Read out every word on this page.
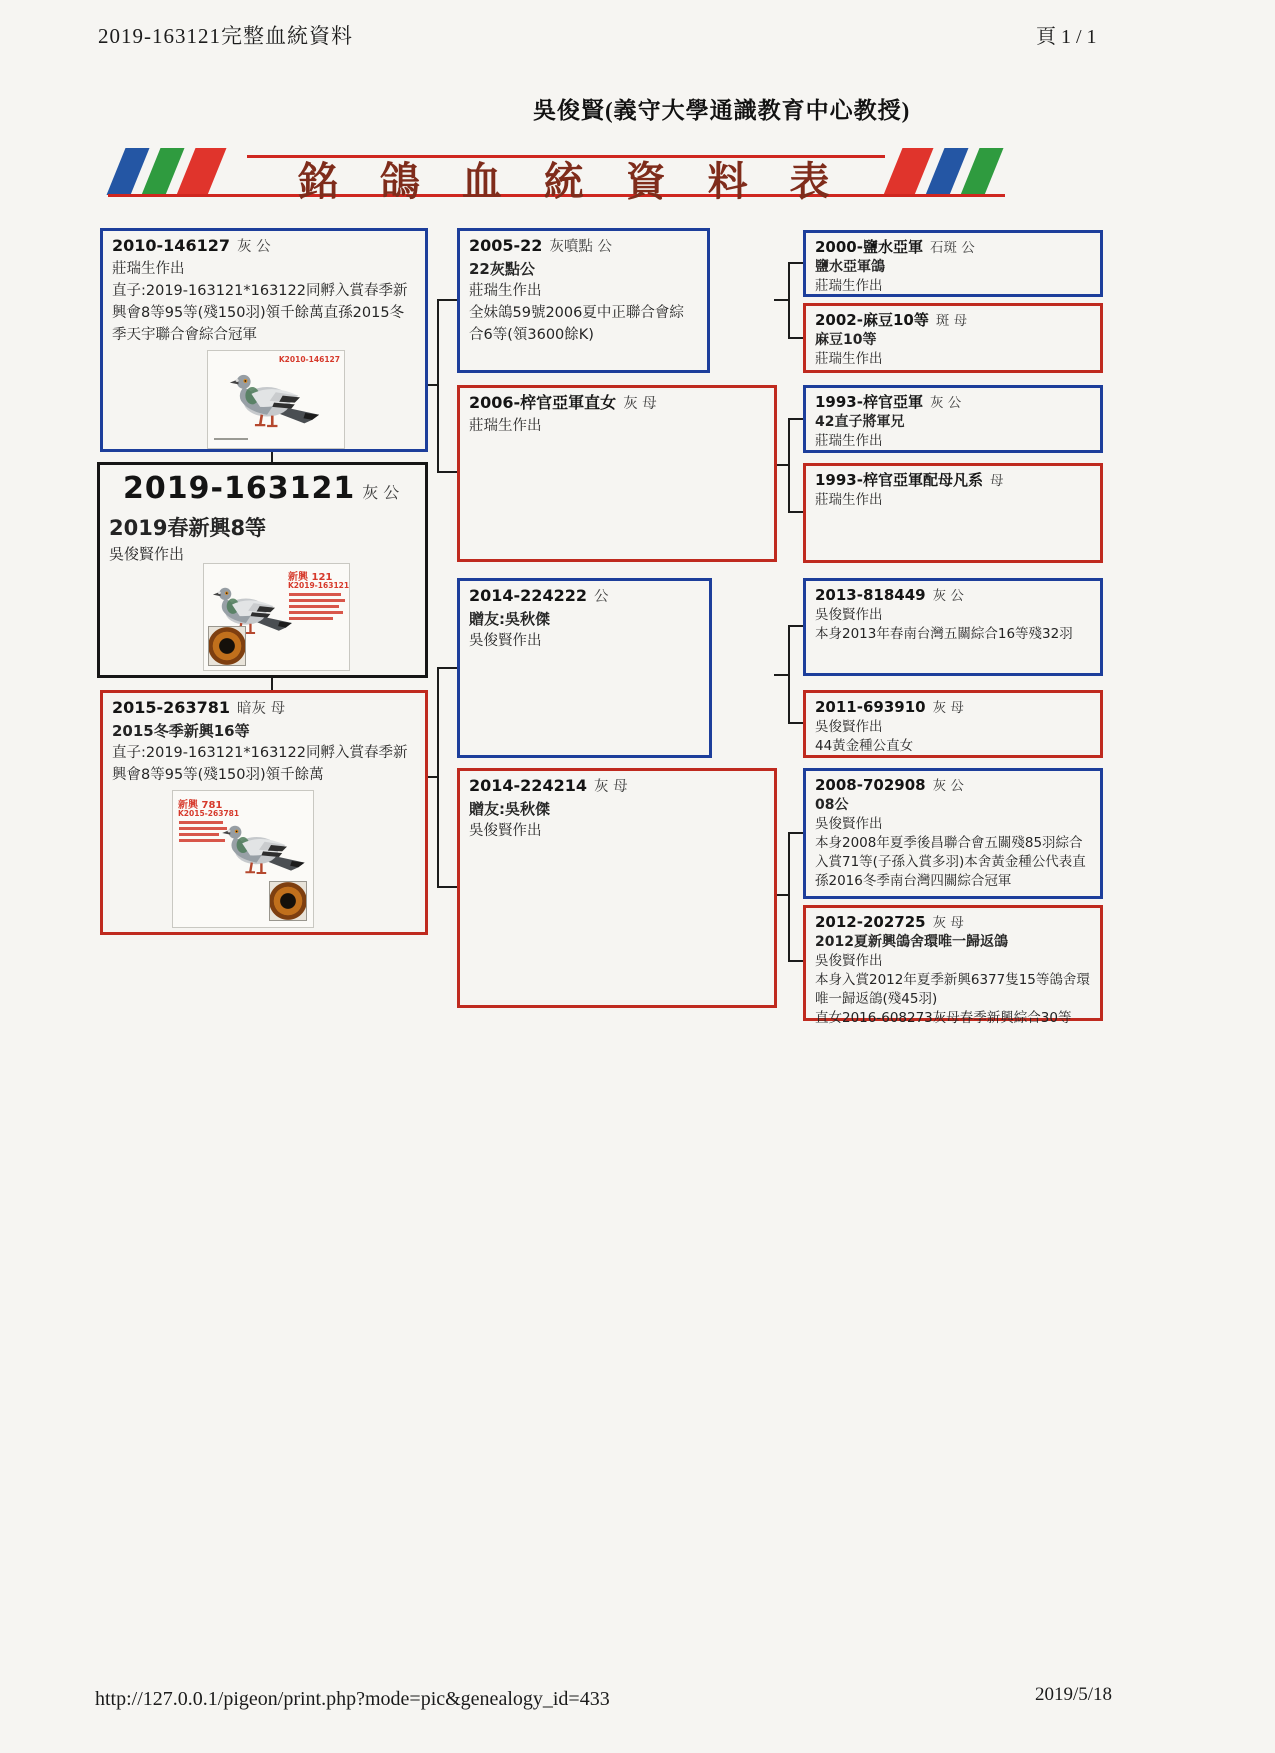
2019-163121完整血統資料	頁 1 / 1
吳俊賢(義守大學通識教育中心教授)
銘 鴿 血 統 資 料 表
2010-146127 灰 公
莊瑞生作出
直子:2019-163121*163122同孵入賞春季新興會8等95等(殘150羽)領千餘萬直孫2015冬季天宇聯合會綜合冠軍
K2010-146127
2019-163121 灰 公
2019春新興8等
吳俊賢作出
新興 121
K2019-163121
2015-263781 暗灰 母
2015冬季新興16等
直子:2019-163121*163122同孵入賞春季新興會8等95等(殘150羽)領千餘萬
新興 781
K2015-263781
2005-22 灰噴點 公
22灰點公
莊瑞生作出
全妹鴿59號2006夏中正聯合會綜合6等(領3600餘K)
2006-梓官亞軍直女 灰 母
莊瑞生作出
2014-224222 公
贈友:吳秋傑
吳俊賢作出
2014-224214 灰 母
贈友:吳秋傑
吳俊賢作出
2000-鹽水亞軍 石斑 公
鹽水亞軍鴿
莊瑞生作出
2002-麻豆10等 斑 母
麻豆10等
莊瑞生作出
1993-梓官亞軍 灰 公
42直子將軍兄
莊瑞生作出
1993-梓官亞軍配母凡系 母
莊瑞生作出
2013-818449 灰 公
吳俊賢作出
本身2013年春南台灣五關綜合16等殘32羽
2011-693910 灰 母
吳俊賢作出
44黃金種公直女
2008-702908 灰 公
08公
吳俊賢作出
本身2008年夏季後昌聯合會五關殘85羽綜合入賞71等(子孫入賞多羽)本舍黃金種公代表直孫2016冬季南台灣四關綜合冠軍
2012-202725 灰 母
2012夏新興鴿舍環唯一歸返鴿
吳俊賢作出
本身入賞2012年夏季新興6377隻15等鴿舍環唯一歸返鴿(殘45羽)
直女2016-608273灰母春季新興綜合30等
http://127.0.0.1/pigeon/print.php?mode=pic&genealogy_id=433	2019/5/18
